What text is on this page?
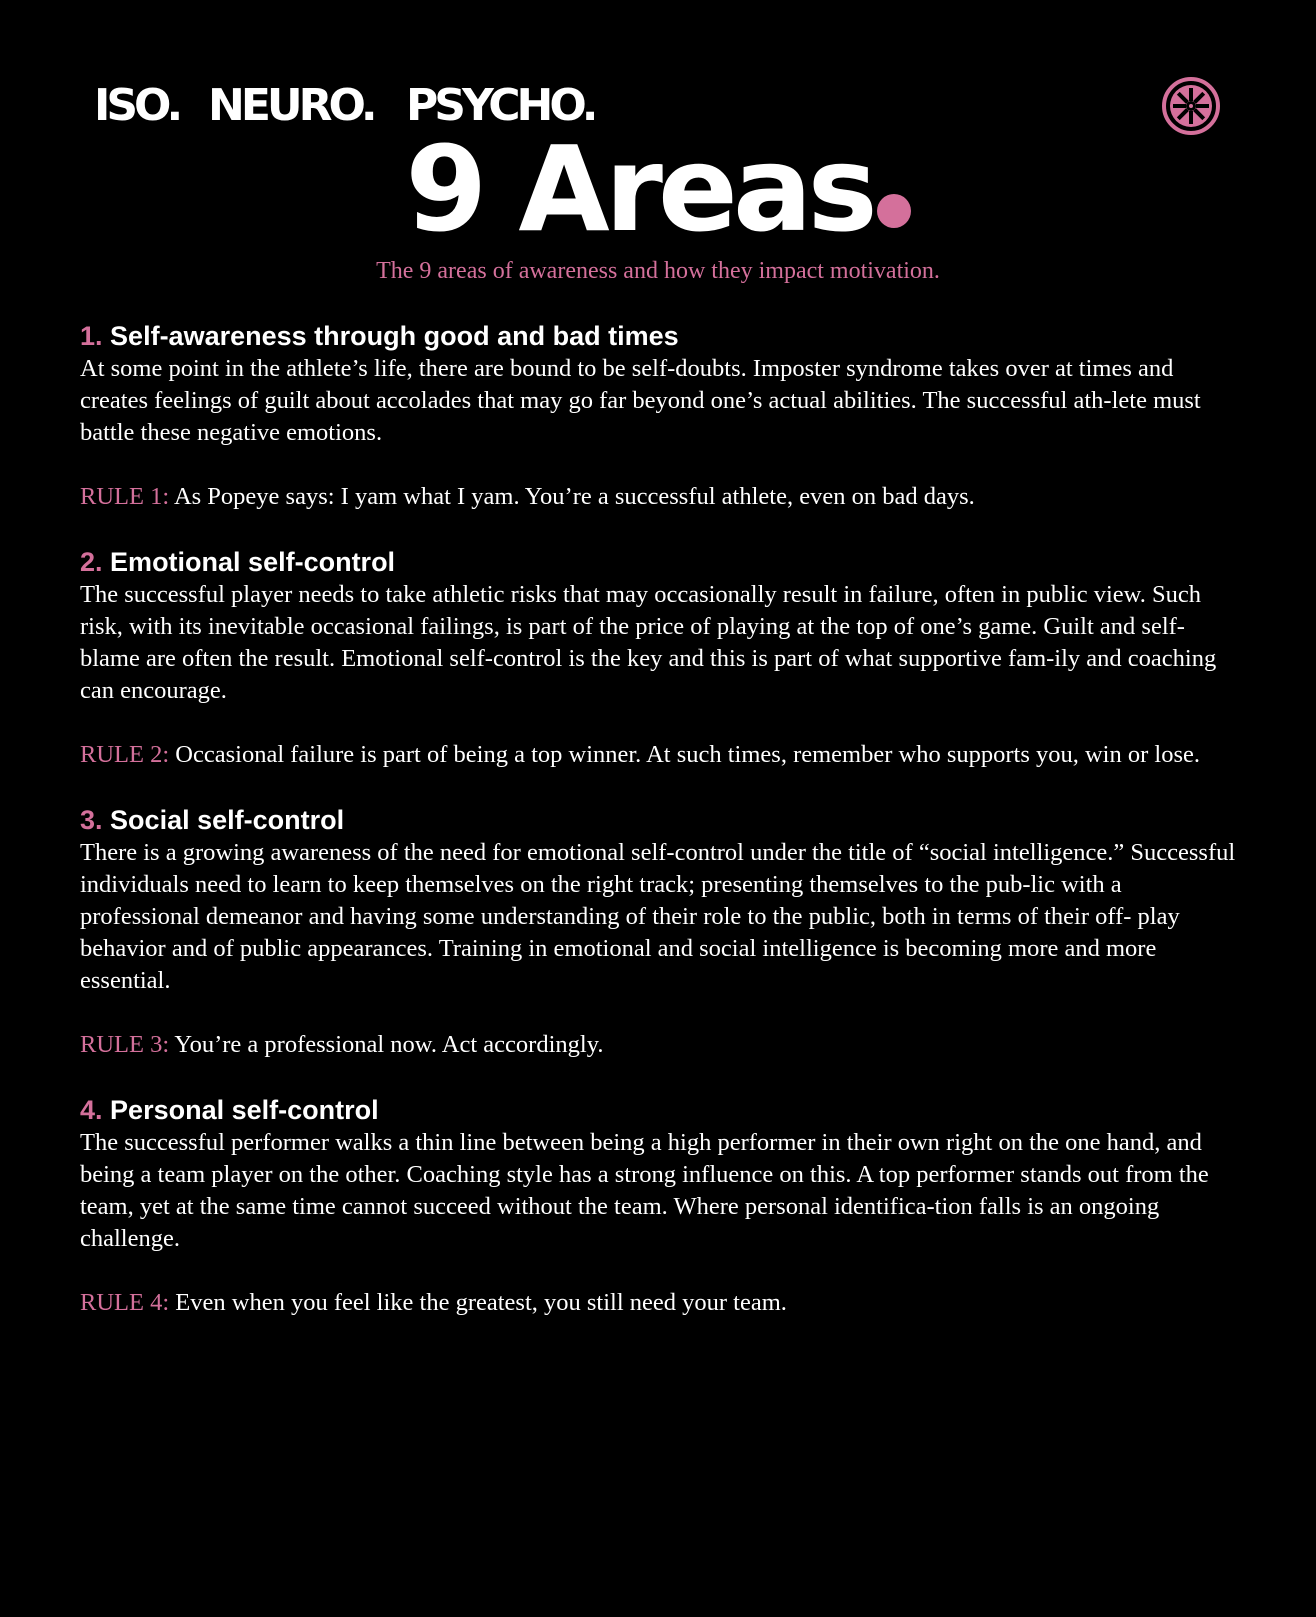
ISO. NEURO. PSYCHO.
9 Areas
The 9 areas of awareness and how they impact motivation.
1. Self-awareness through good and bad times

At some point in the athlete’s life, there are bound to be self-doubts. Imposter syndrome takes over at times and creates feelings of guilt about accolades that may go far beyond one’s actual abilities. The successful ath-lete must battle these negative emotions.

RULE 1: As Popeye says: I yam what I yam. You’re a successful athlete, even on bad days.

2. Emotional self-control

The successful player needs to take athletic risks that may occasionally result in failure, often in public view. Such risk, with its inevitable occasional failings, is part of the price of playing at the top of one’s game. Guilt and self- blame are often the result. Emotional self-control is the key and this is part of what supportive fam-ily and coaching can encourage.

RULE 2: Occasional failure is part of being a top winner. At such times, remember who supports you, win or lose.

3. Social self-control

There is a growing awareness of the need for emotional self-control under the title of “social intelligence.” Successful individuals need to learn to keep themselves on the right track; presenting themselves to the pub-lic with a professional demeanor and having some understanding of their role to the public, both in terms of their off- play behavior and of public appearances. Training in emotional and social intelligence is becoming more and more essential.

RULE 3: You’re a professional now. Act accordingly.

4. Personal self-control

The successful performer walks a thin line between being a high performer in their own right on the one hand, and being a team player on the other. Coaching style has a strong influence on this. A top performer stands out from the team, yet at the same time cannot succeed without the team. Where personal identifica-tion falls is an ongoing challenge.

RULE 4: Even when you feel like the greatest, you still need your team.
